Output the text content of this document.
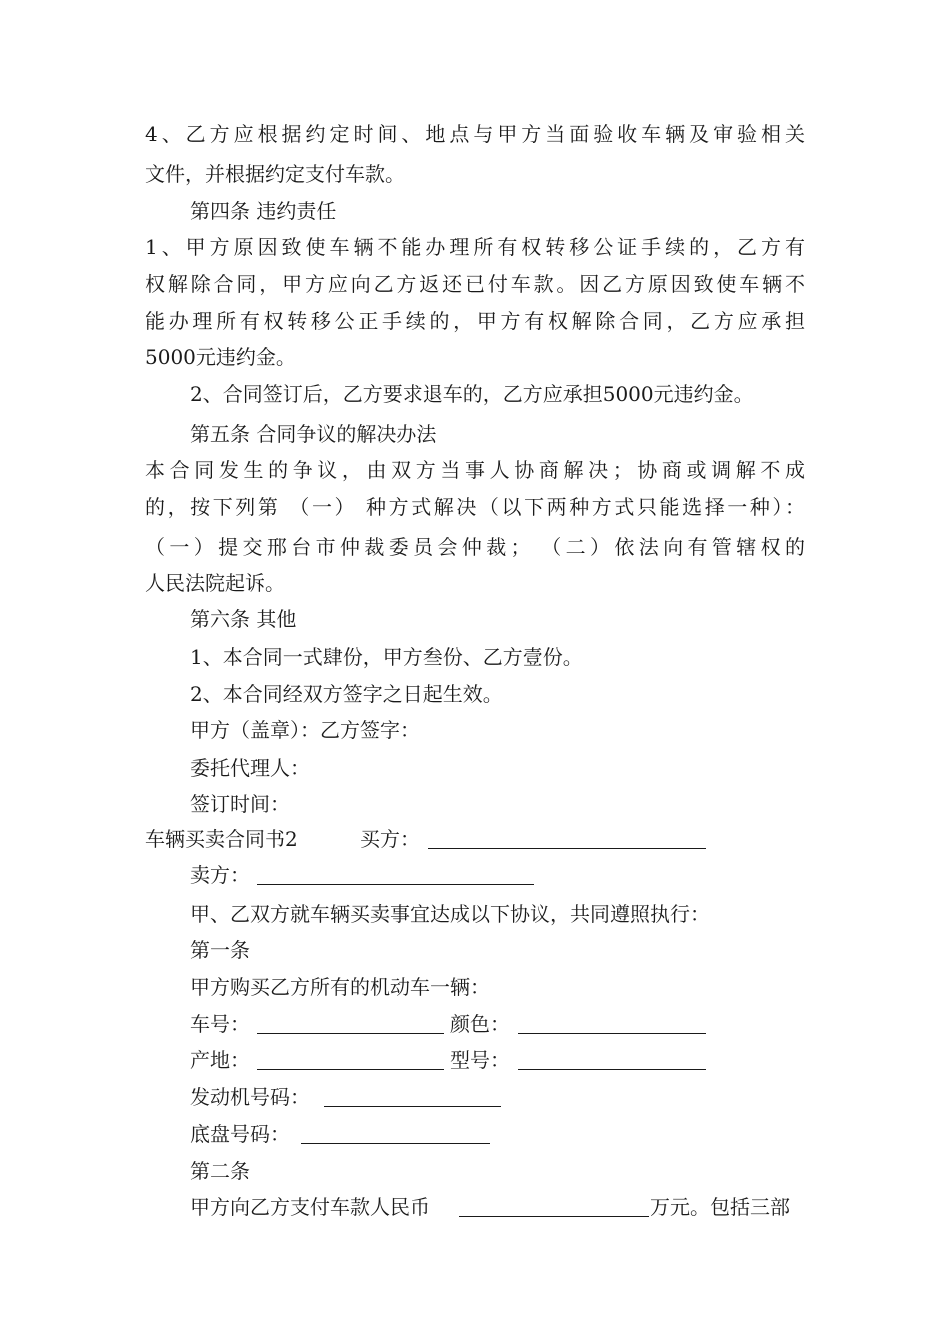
4、乙方应根据约定时间、地点与甲方当面验收车辆及审验相关
文件，并根据约定支付车款。
第四条 违约责任
1、甲方原因致使车辆不能办理所有权转移公证手续的，乙方有
权解除合同，甲方应向乙方返还已付车款。因乙方原因致使车辆不
能办理所有权转移公正手续的，甲方有权解除合同，乙方应承担
5000元违约金。
2、合同签订后，乙方要求退车的，乙方应承担5000元违约金。
第五条 合同争议的解决办法
本合同发生的争议，由双方当事人协商解决；协商或调解不成
的，按下列第 （一） 种方式解决（以下两种方式只能选择一种）：
（一）提交邢台市仲裁委员会仲裁； （二）依法向有管辖权的
人民法院起诉。
第六条 其他
1、本合同一式肆份，甲方叁份、乙方壹份。
2、本合同经双方签字之日起生效。
甲方（盖章）：乙方签字：
委托代理人：
签订时间：
车辆买卖合同书2	买方：
卖方：
甲、乙双方就车辆买卖事宜达成以下协议，共同遵照执行：
第一条
甲方购买乙方所有的机动车一辆：
车号：	颜色：
产地：	型号：
发动机号码：
底盘号码：
第二条
甲方向乙方支付车款人民币	万元。包括三部
